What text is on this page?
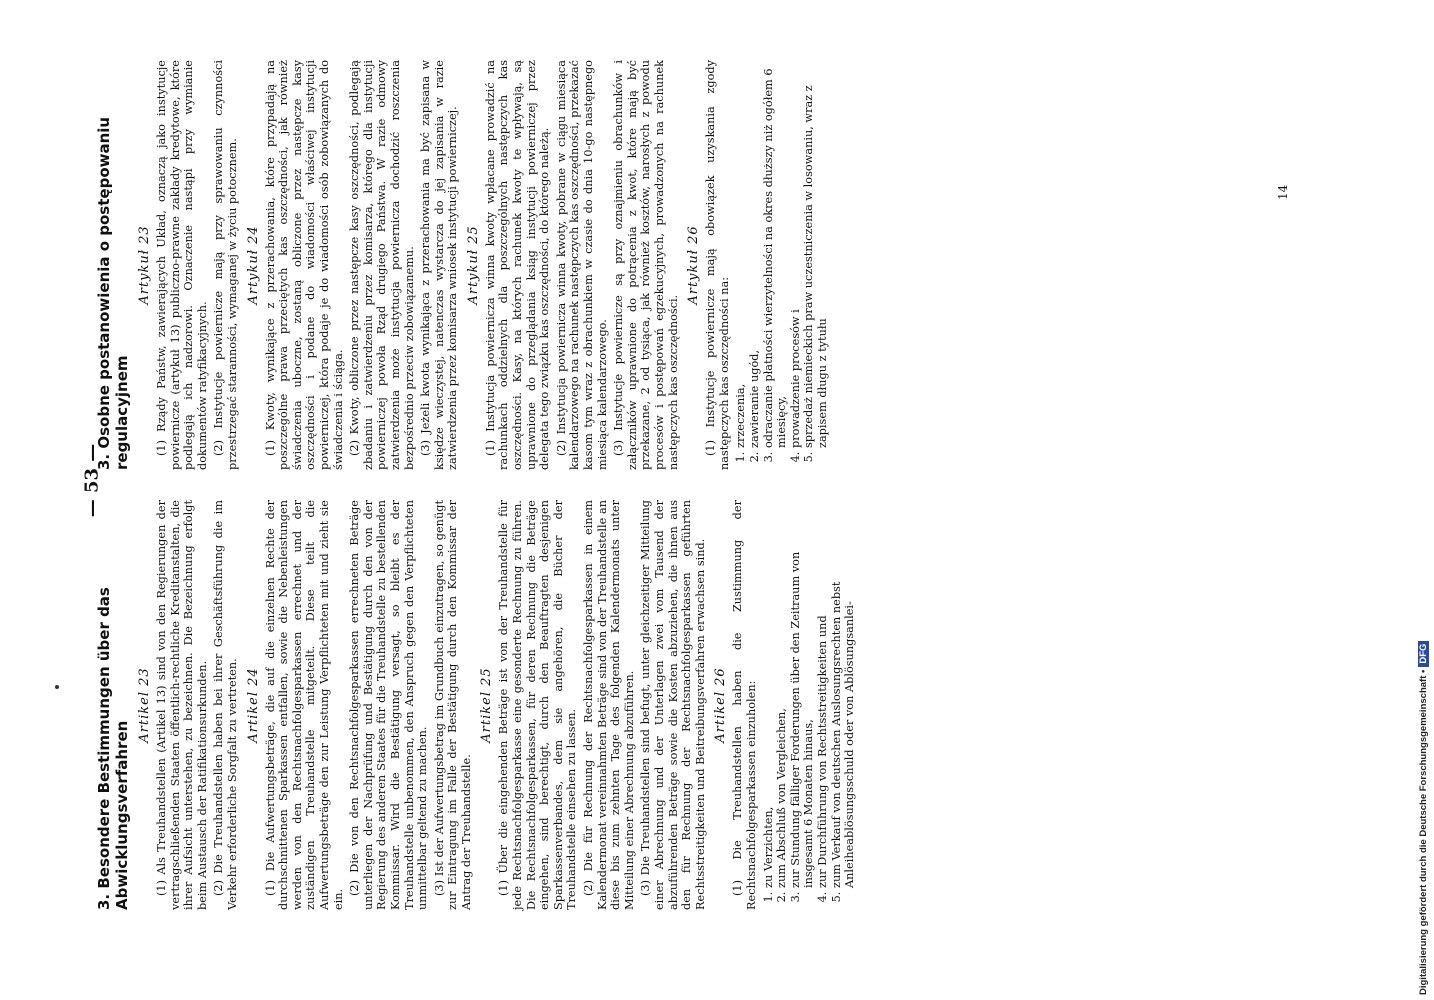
— 53 —
3. Besondere Bestimmungen über das Abwicklungsverfahren
Artikel 23 (1) Als Treuhandstellen (Artikel 13) sind von den Regierungen der vertragschließenden Staaten öffentlich-rechtliche Kreditanstalten, die ihrer Aufsicht unterstehen, zu bezeichnen. Die Bezeichnung erfolgt beim Austausch der Ratifikationsurkunden. (2) Die Treuhandstellen haben bei ihrer Geschäftsführung die im Verkehr erforderliche Sorgfalt zu vertreten. Artikel 24 (1) Die Aufwertungsbeträge, die auf die einzelnen Rechte der durchschnittenen Sparkassen entfallen, sowie die Nebenleistungen werden von den Rechtsnachfolgesparkassen errechnet und der zuständigen Treuhandstelle mitgeteilt. Diese teilt die Aufwertungsbeträge den zur Leistung Verpflichteten mit und zieht sie ein.

(2) Die von den Rechtsnachfolgesparkassen errechneten Beträge unterliegen der Nachprüfung und Bestätigung durch den von der Regierung des anderen Staates für die Treuhandstelle zu bestellenden Kommissar. Wird die Bestätigung versagt, so bleibt es der Treuhandstelle unbenommen, den Anspruch gegen den Verpflichteten unmittelbar geltend zu machen. (3) Ist der Aufwertungsbetrag im Grundbuch einzutragen, so genügt zur Eintragung im Falle der Bestätigung durch den Kommissar der Antrag der Treuhandstelle.

Artikel 25 (1) Über die eingehenden Beträge ist von der Treuhandstelle für jede Rechtsnachfolgesparkasse eine gesonderte Rechnung zu führen. Die Rechtsnachfolgesparkassen, für deren Rechnung die Beträge eingehen, sind berechtigt, durch den Beauftragten desjenigen Sparkassenverbandes, dem sie angehören, die Bücher der Treuhandstelle einsehen zu lassen. (2) Die für Rechnung der Rechtsnachfolgesparkassen in einem Kalendermonat vereinnahmten Beträge sind von der Treuhandstelle an diese bis zum zehnten Tage des folgenden Kalendermonats unter Mitteilung einer Abrechnung abzuführen. (3) Die Treuhandstellen sind befugt, unter gleichzeitiger Mitteilung einer Abrechnung und der Unterlagen zwei vom Tausend der abzuführenden Beträge sowie die Kosten abzuziehen, die ihnen aus den für Rechnung der Rechtsnachfolgesparkassen geführten Rechtsstreitigkeiten und Beitreibungsverfahren erwachsen sind. Artikel 26 (1) Die Treuhandstellen haben die Zustimmung der Rechtsnachfolgesparkassen einzuholen: 1. zu Verzichten, 2. zum Abschluß von Vergleichen, 3. zur Stundung fälliger Forderungen über den Zeitraum von insgesamt 6 Monaten hinaus, 4. zur Durchführung von Rechtsstreitigkeiten und 5. zum Verkauf von deutschen Auslosungsrechten nebst Anleiheablösungsschuld oder von Ablösungsanlei-
3. Osobne postanowienia o postępowaniu regulacyjnem
Artykuł 23 (1) Rządy Państw, zawierających Układ, oznaczą jako instytucje powiernicze (artykuł 13) publiczno-prawne zakłady kredytowe, które podlegają ich nadzorowi. Oznaczenie nastąpi przy wymianie dokumentów ratyfikacyjnych. (2) Instytucje powiernicze mają przy sprawowaniu czynności przestrzegać staranności, wymaganej w życiu potocznem. Artykuł 24 (1) Kwoty, wynikające z przerachowania, które przypadają na poszczególne prawa przeciętych kas oszczędności, jak również świadczenia uboczne, zostaną obliczone przez następcze kasy oszczędności i podane do wiadomości właściwej instytucji powierniczej, która podaje je do wiadomości osób zobowiązanych do świadczenia i ściąga. (2) Kwoty, obliczone przez następcze kasy oszczędności, podlegają zbadaniu i zatwierdzeniu przez komisarza, którego dla instytucji powierniczej powoła Rząd drugiego Państwa. W razie odmowy zatwierdzenia może instytucja powiernicza dochodzić roszczenia bezpośrednio przeciw zobowiązanemu. (3) Jeżeli kwota wynikająca z przerachowania ma być zapisana w księdze wieczystej, natenczas wystarcza do jej zapisania w razie zatwierdzenia przez komisarza wniosek instytucji powierniczej. Artykuł 25 (1) Instytucja powiernicza winna kwoty wpłacane prowadzić na rachunkach oddzielnych dla poszczególnych następczych kas oszczędności. Kasy, na których rachunek kwoty te wpływają, są uprawnione do przeglądania ksiąg instytucji powierniczej przez delegata tego związku kas oszczędności, do którego należą. (2) Instytucja powiernicza winna kwoty, pobrane w ciągu miesiąca kalendarzowego na rachunek następczych kas oszczędności, przekazać kasom tym wraz z obrachunkiem w czasie do dnia 10-go następnego miesiąca kalendarzowego. (3) Instytucje powiernicze są przy oznajmieniu obrachunków i załączników uprawnione do potrącenia z kwot, które mają być przekazane, 2 od tysiąca, jak również kosztów, narosłych z powodu procesów i postępowań egzekucyjnych, prowadzonych na rachunek następczych kas oszczędności.

Artykuł 26 (1) Instytucje powiernicze mają obowiązek uzyskania zgody następczych kas oszczędności na: 1. zrzeczenia, 2. zawieranie ugód, 3. odraczanie płatności wierzytelności na okres dłuższy niż ogółem 6 miesięcy, 4. prowadzenie procesów i 5. sprzedaż niemieckich praw uczestniczenia w losowaniu, wraz z zapisem długu z tytułu
14
Digitalisierung gefördert durch die Deutsche Forschungsgemeinschaft •DFG
